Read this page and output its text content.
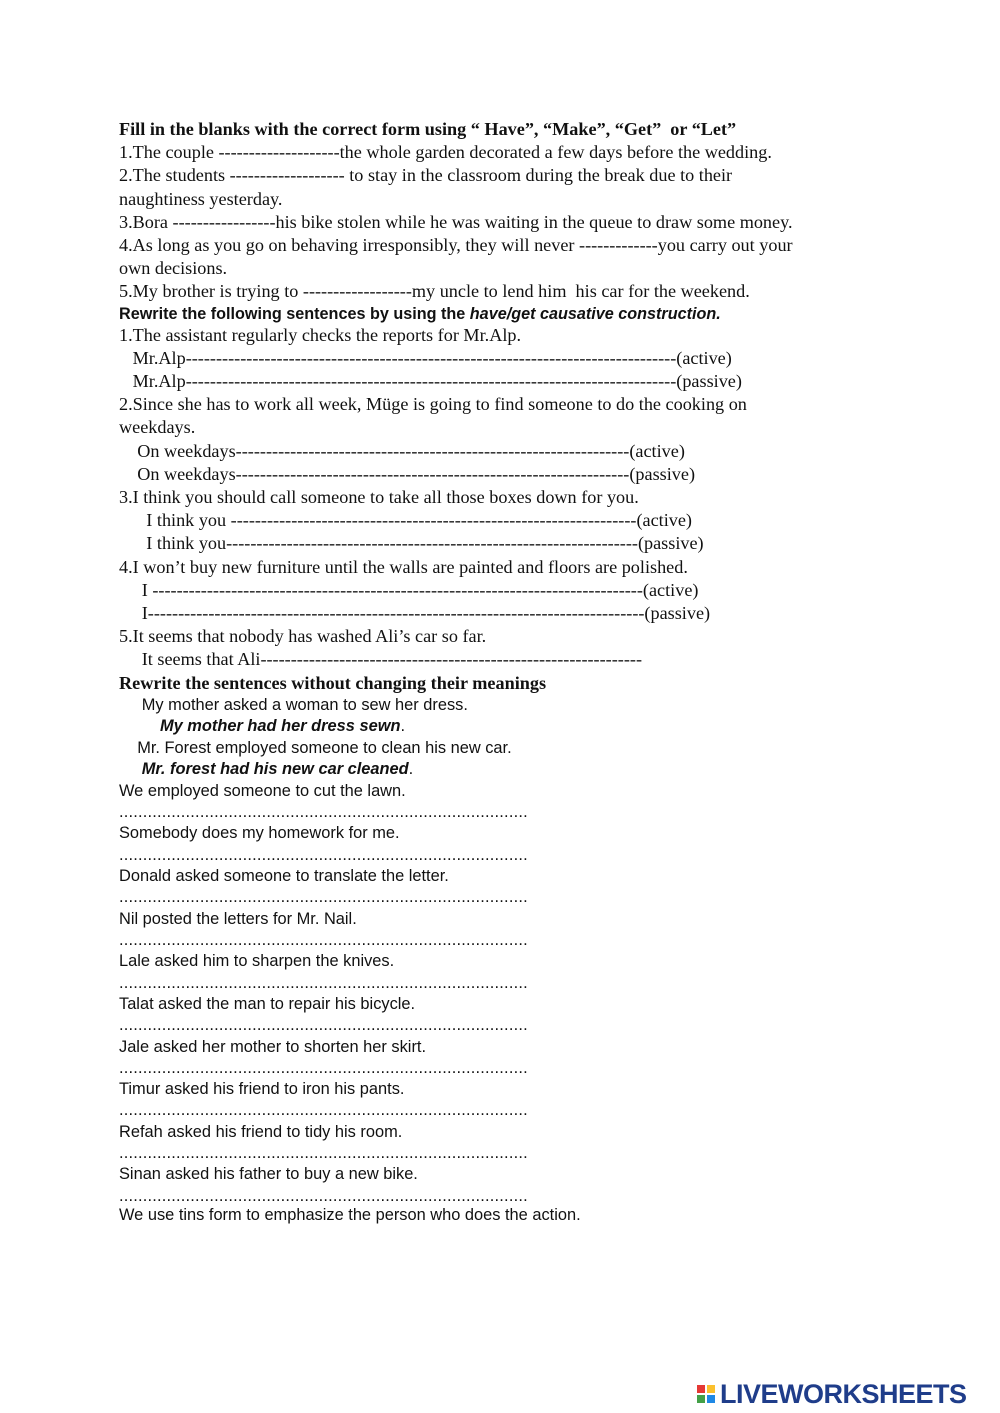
Fill in the blanks with the correct form using “ Have”, “Make”, “Get”  or “Let”
1.The couple --------------------the whole garden decorated a few days before the wedding.
2.The students ------------------- to stay in the classroom during the break due to their
naughtiness yesterday.
3.Bora -----------------his bike stolen while he was waiting in the queue to draw some money.
4.As long as you go on behaving irresponsibly, they will never -------------you carry out your
own decisions.
5.My brother is trying to ------------------my uncle to lend him  his car for the weekend.
Rewrite the following sentences by using the have/get causative construction.
1.The assistant regularly checks the reports for Mr.Alp.
Mr.Alp---------------------------------------------------------------------------------(active)
Mr.Alp---------------------------------------------------------------------------------(passive)
2.Since she has to work all week, Müge is going to find someone to do the cooking on
weekdays.
On weekdays-----------------------------------------------------------------(active)
On weekdays-----------------------------------------------------------------(passive)
3.I think you should call someone to take all those boxes down for you.
I think you -------------------------------------------------------------------(active)
I think you--------------------------------------------------------------------(passive)
4.I won’t buy new furniture until the walls are painted and floors are polished.
I ---------------------------------------------------------------------------------(active)
I----------------------------------------------------------------------------------(passive)
5.It seems that nobody has washed Ali’s car so far.
It seems that Ali---------------------------------------------------------------
Rewrite the sentences without changing their meanings
My mother asked a woman to sew her dress.
My mother had her dress sewn.
Mr. Forest employed someone to clean his new car.
Mr. forest had his new car cleaned.
We employed someone to cut the lawn.
......................................................................................
Somebody does my homework for me.
......................................................................................
Donald asked someone to translate the letter.
......................................................................................
Nil posted the letters for Mr. Nail.
......................................................................................
Lale asked him to sharpen the knives.
......................................................................................
Talat asked the man to repair his bicycle.
......................................................................................
Jale asked her mother to shorten her skirt.
......................................................................................
Timur asked his friend to iron his pants.
......................................................................................
Refah asked his friend to tidy his room.
......................................................................................
Sinan asked his father to buy a new bike.
......................................................................................
We use tins form to emphasize the person who does the action.
LIVEWORKSHEETS
